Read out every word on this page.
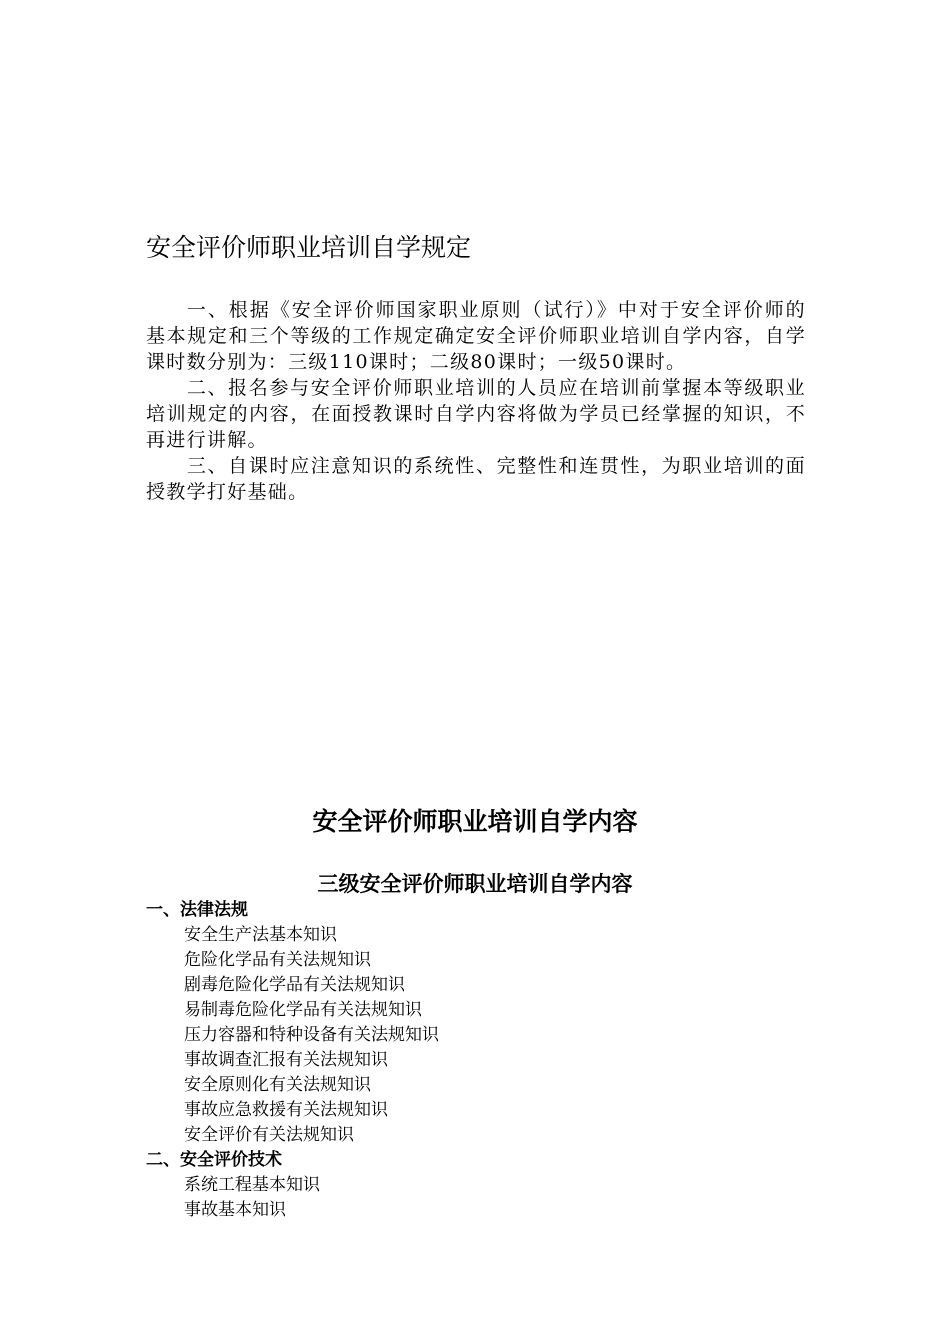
安全评价师职业培训自学规定

一、根据《安全评价师国家职业原则（试行）》中对于安全评价师的基本规定和三个等级的工作规定确定安全评价师职业培训自学内容，自学课时数分别为：三级110课时；二级80课时；一级50课时。

二、报名参与安全评价师职业培训的人员应在培训前掌握本等级职业培训规定的内容，在面授教课时自学内容将做为学员已经掌握的知识，不再进行讲解。

三、自课时应注意知识的系统性、完整性和连贯性，为职业培训的面授教学打好基础。

安全评价师职业培训自学内容
三级安全评价师职业培训自学内容
一、法律法规
安全生产法基本知识
危险化学品有关法规知识
剧毒危险化学品有关法规知识
易制毒危险化学品有关法规知识
压力容器和特种设备有关法规知识
事故调查汇报有关法规知识
安全原则化有关法规知识
事故应急救援有关法规知识
安全评价有关法规知识
二、安全评价技术
系统工程基本知识
事故基本知识
